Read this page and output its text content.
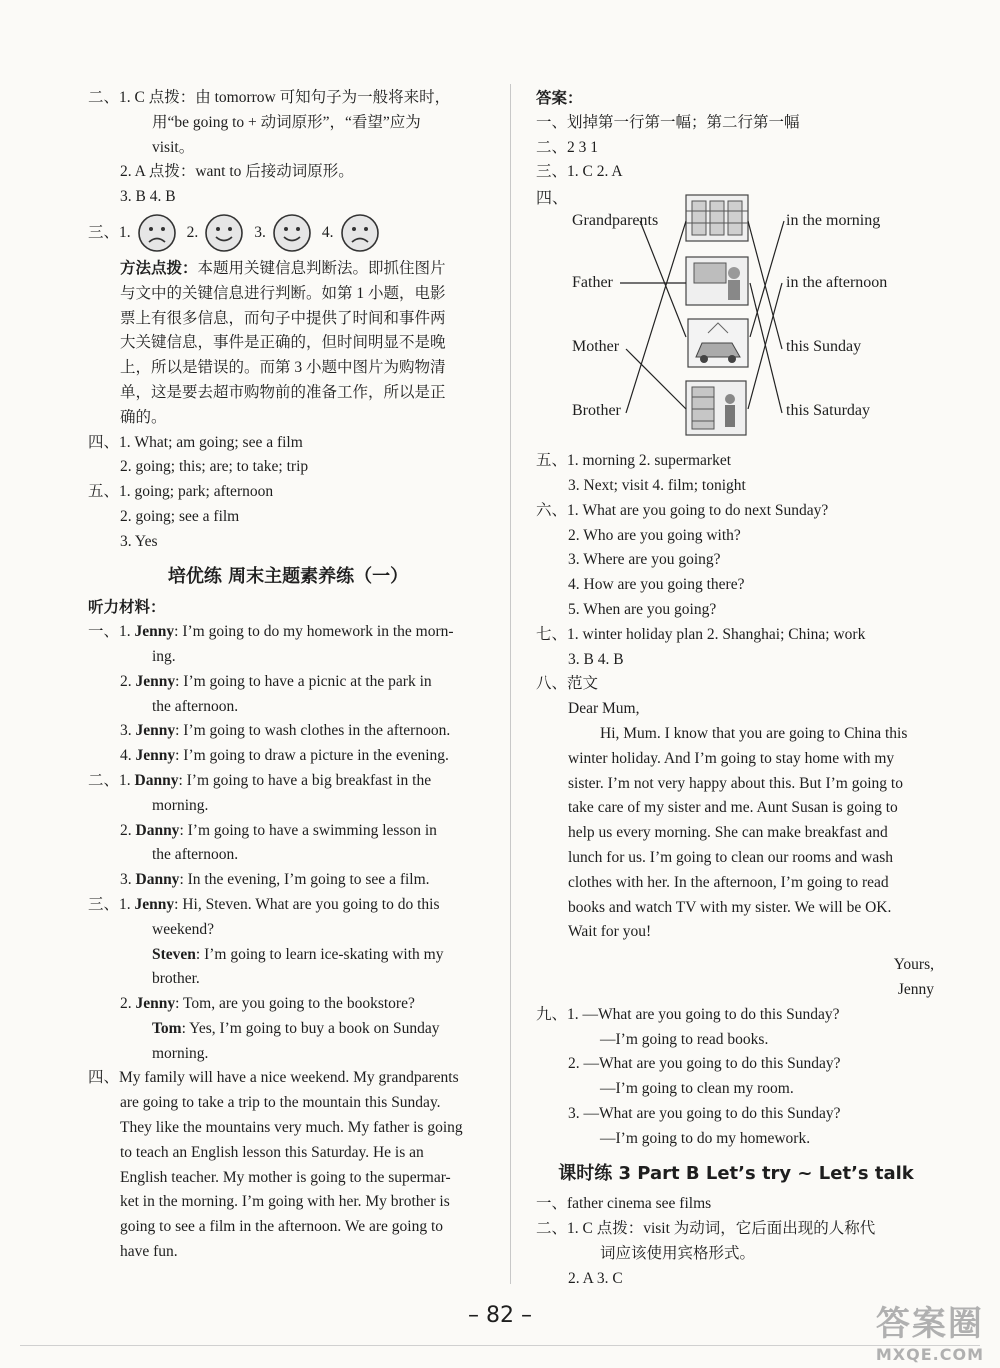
二、1. C 点拨：由 tomorrow 可知句子为一般将来时，
用“be going to + 动词原形”，“看望”应为
visit。
2. A 点拨：want to 后接动词原形。
3. B 4. B
三、 1.	2.	3.	4.
方法点拨：本题用关键信息判断法。即抓住图片
与文中的关键信息进行判断。如第 1 小题，电影
票上有很多信息，而句子中提供了时间和事件两
大关键信息，事件是正确的，但时间明显不是晚
上，所以是错误的。而第 3 小题中图片为购物清
单，这是要去超市购物前的准备工作，所以是正
确的。
四、1. What; am going; see a film
2. going; this; are; to take; trip
五、1. going; park; afternoon
2. going; see a film
3. Yes
培优练 周末主题素养练（一）
听力材料：
一、1. Jenny: I’m going to do my homework in the morn-
ing.
2. Jenny: I’m going to have a picnic at the park in
the afternoon.
3. Jenny: I’m going to wash clothes in the afternoon.
4. Jenny: I’m going to draw a picture in the evening.
二、1. Danny: I’m going to have a big breakfast in the
morning.
2. Danny: I’m going to have a swimming lesson in
the afternoon.
3. Danny: In the evening, I’m going to see a film.
三、1. Jenny: Hi, Steven. What are you going to do this
weekend?
Steven: I’m going to learn ice-skating with my
brother.
2. Jenny: Tom, are you going to the bookstore?
Tom: Yes, I’m going to buy a book on Sunday
morning.
四、My family will have a nice weekend. My grandparents
are going to take a trip to the mountain this Sunday.
They like the mountains very much. My father is going
to teach an English lesson this Saturday. He is an
English teacher. My mother is going to the supermar-
ket in the morning. I’m going with her. My brother is
going to see a film in the afternoon. We are going to
have fun.
答案：
一、划掉第一行第一幅；第二行第一幅
二、2 3 1
三、1. C 2. A
四、
Grandparents
Father
Mother
Brother
in the morning
in the afternoon
this Sunday
this Saturday
五、1. morning 2. supermarket
3. Next; visit 4. film; tonight
六、1. What are you going to do next Sunday?
2. Who are you going with?
3. Where are you going?
4. How are you going there?
5. When are you going?
七、1. winter holiday plan 2. Shanghai; China; work
3. B 4. B
八、范文
Dear Mum,
Hi, Mum. I know that you are going to China this
winter holiday. And I’m going to stay home with my
sister. I’m not very happy about this. But I’m going to
take care of my sister and me. Aunt Susan is going to
help us every morning. She can make breakfast and
lunch for us. I’m going to clean our rooms and wash
clothes with her. In the afternoon, I’m going to read
books and watch TV with my sister. We will be OK.
Wait for you!
Yours,
Jenny
九、1. —What are you going to do this Sunday?
—I’m going to read books.
2. —What are you going to do this Sunday?
—I’m going to clean my room.
3. —What are you going to do this Sunday?
—I’m going to do my homework.
课时练 3 Part B Let’s try ~ Let’s talk
一、father cinema see films
二、1. C 点拨：visit 为动词，它后面出现的人称代
词应该使用宾格形式。
2. A 3. C
– 82 –	答案圈
MXQE.COM
